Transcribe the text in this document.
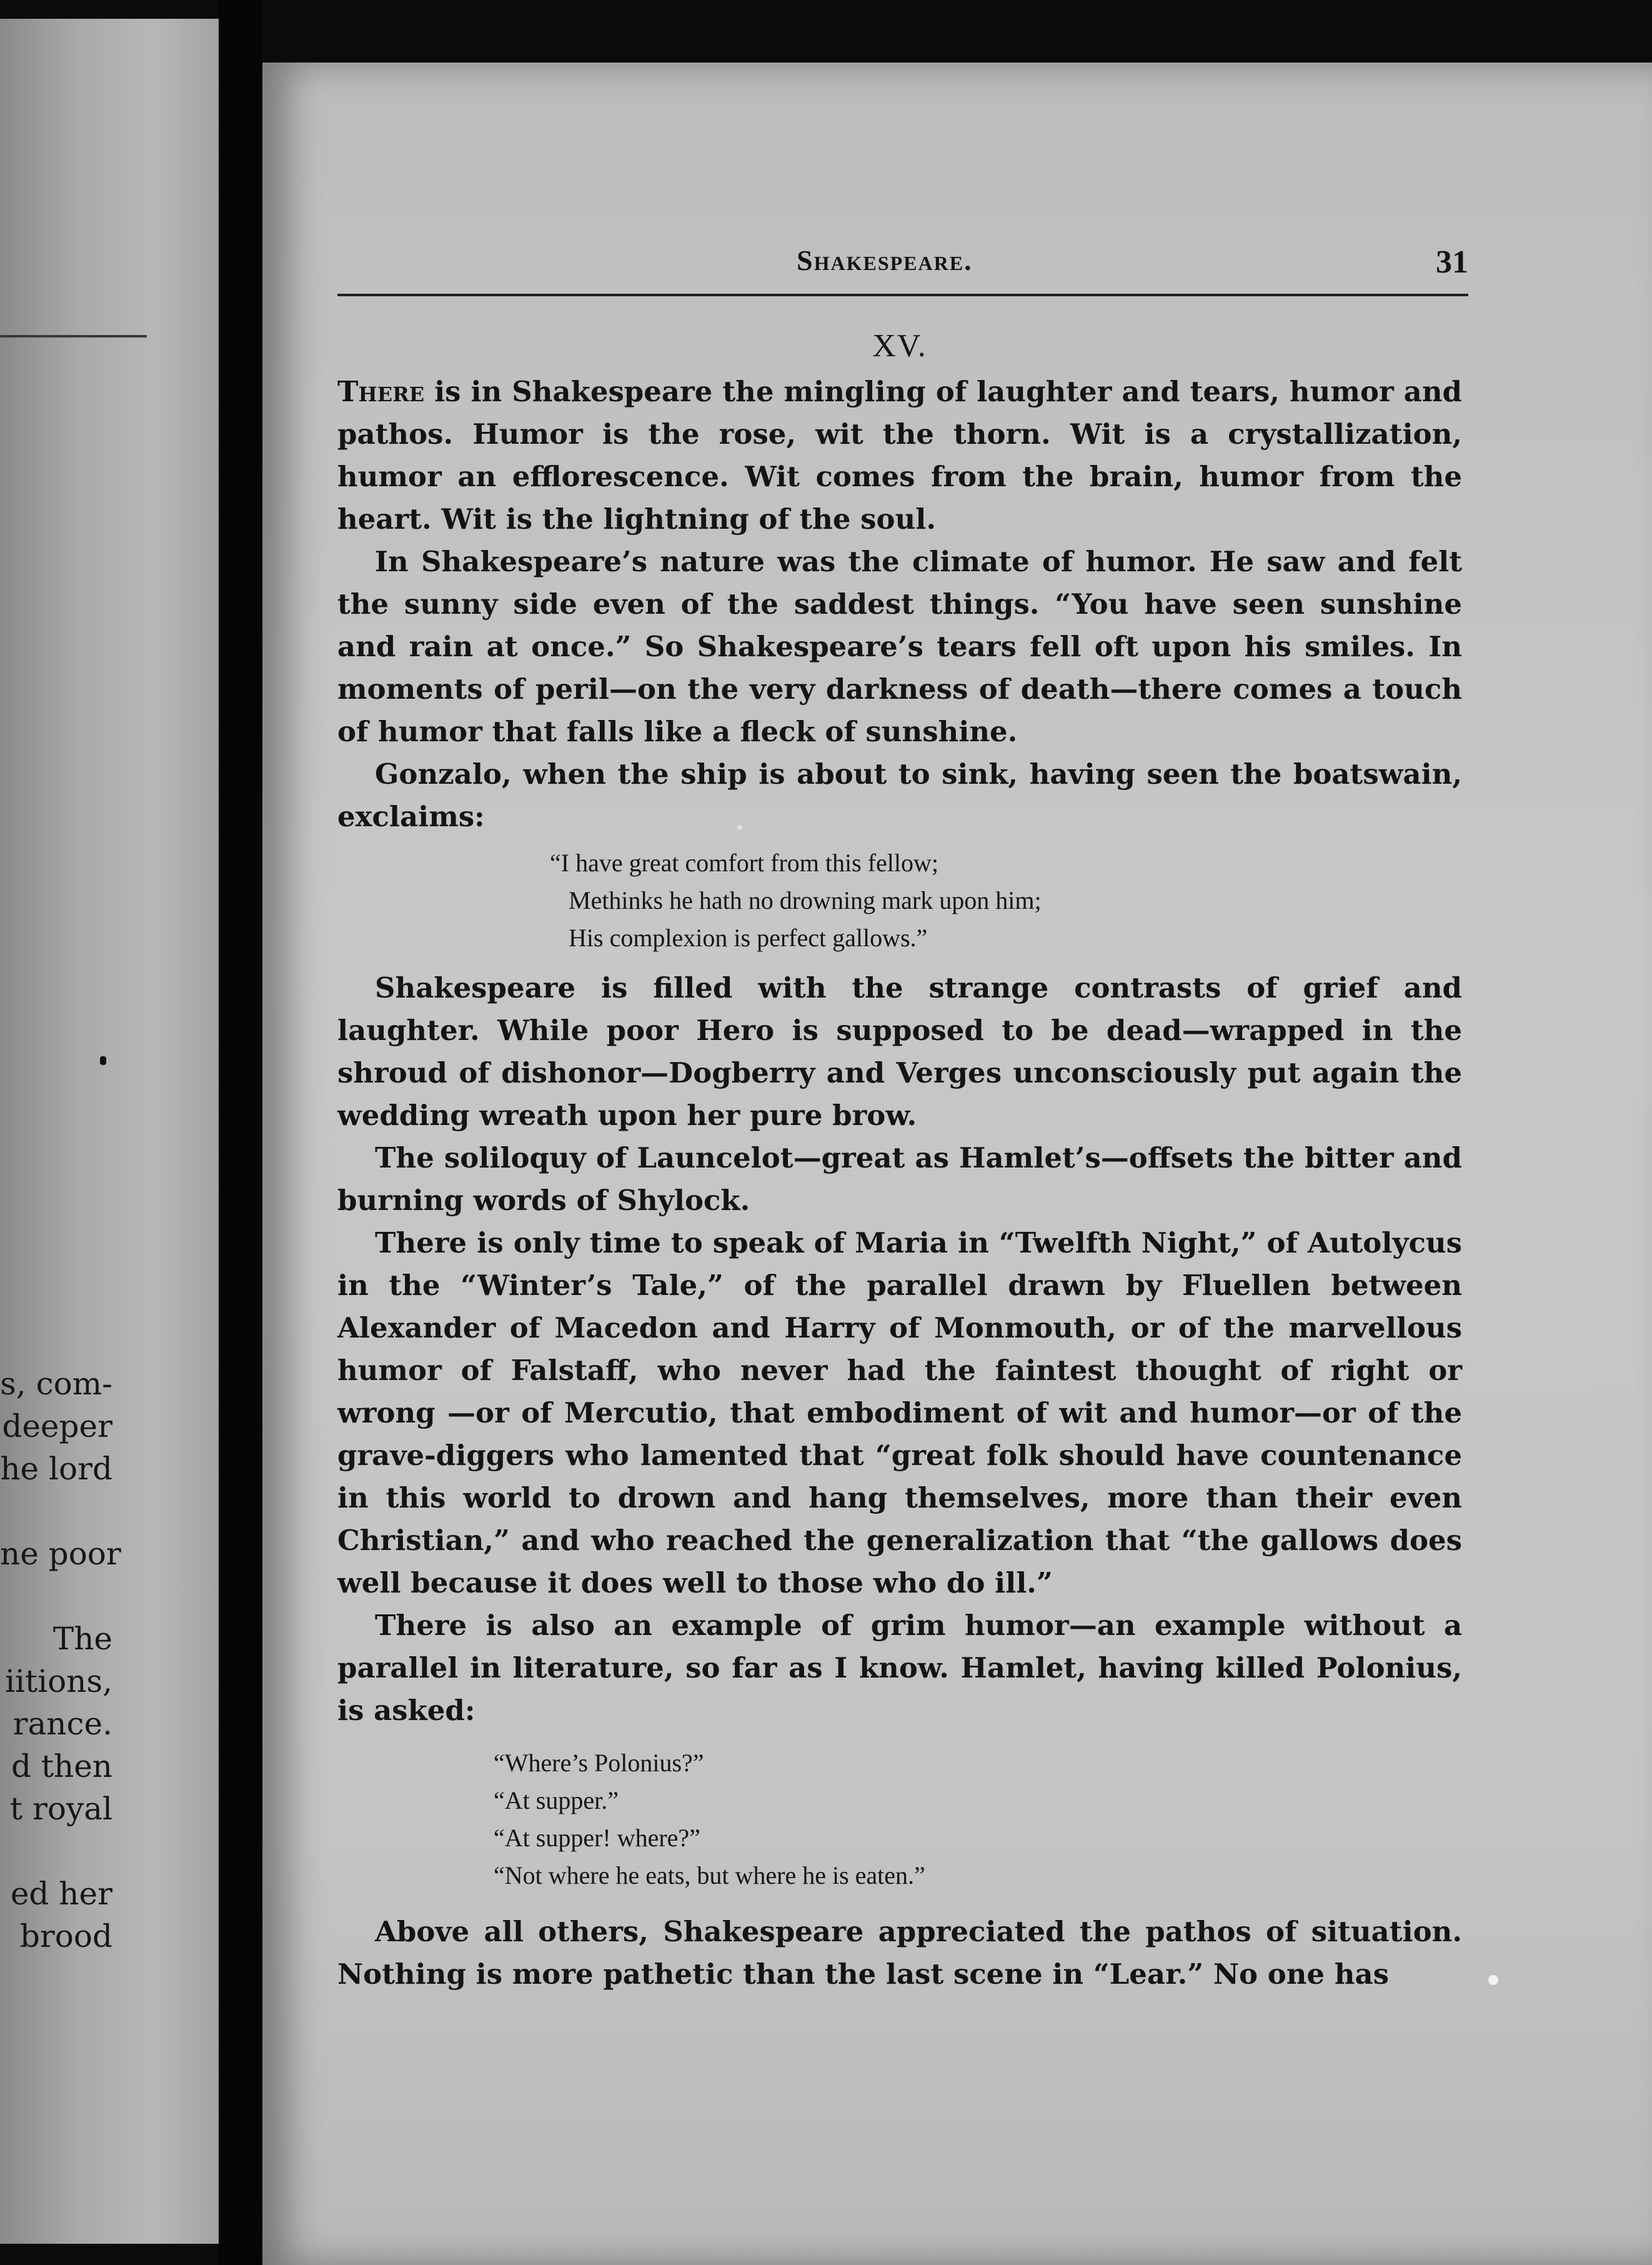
s, com-
deeper
he lord
ne poor
The
iitions,
rance.
d then
t royal
ed her
brood
Shakespeare.	31
XV.

There is in Shakespeare the mingling of laughter and tears, humor and pathos. Humor is the rose, wit the thorn. Wit is a crystallization, humor an efflorescence. Wit comes from the brain, humor from the heart. Wit is the lightning of the soul.

In Shakespeare’s nature was the climate of humor. He saw and felt the sunny side even of the saddest things. “You have seen sunshine and rain at once.” So Shakespeare’s tears fell oft upon his smiles. In moments of peril—on the very darkness of death—there comes a touch of humor that falls like a fleck of sunshine.

Gonzalo, when the ship is about to sink, having seen the boatswain, exclaims:

“I have great comfort from this fellow;
Methinks he hath no drowning mark upon him;
His complexion is perfect gallows.”

Shakespeare is filled with the strange contrasts of grief and laughter. While poor Hero is supposed to be dead—wrapped in the shroud of dishonor—Dogberry and Verges unconsciously put again the wedding wreath upon her pure brow.

The soliloquy of Launcelot—great as Hamlet’s—offsets the bitter and burning words of Shylock.

There is only time to speak of Maria in “Twelfth Night,” of Autolycus in the “Winter’s Tale,” of the parallel drawn by Fluellen between Alexander of Macedon and Harry of Monmouth, or of the marvellous humor of Falstaff, who never had the faintest thought of right or wrong —or of Mercutio, that embodiment of wit and humor—or of the grave-diggers who lamented that “great folk should have countenance in this world to drown and hang themselves, more than their even Christian,” and who reached the generalization that “the gallows does well because it does well to those who do ill.”

There is also an example of grim humor—an example without a parallel in literature, so far as I know. Hamlet, having killed Polonius, is asked:

“Where’s Polonius?”
“At supper.”
“At supper! where?”
“Not where he eats, but where he is eaten.”

Above all others, Shakespeare appreciated the pathos of situation. Nothing is more pathetic than the last scene in “Lear.” No one has
